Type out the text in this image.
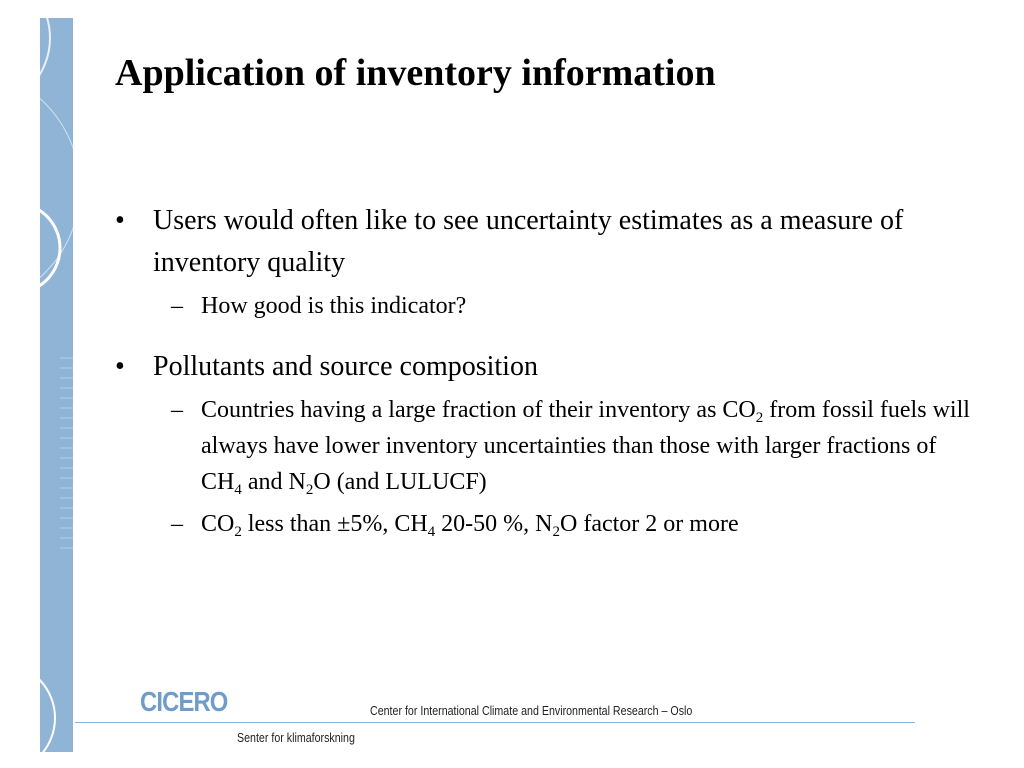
Application of inventory information

• Users would often like to see uncertainty estimates as a measure of inventory quality

– How good is this indicator?

• Pollutants and source composition

– Countries having a large fraction of their inventory as $CO_2$ from fossil fuels will always have lower inventory uncertainties than those with larger fractions of $CH_4$ and $N_2O$ (and LULUCF)

– $CO_2$ less than ±5%, $CH_4$ 20-50 %, $N_2O$ factor 2 or more

CICERO	Center for International Climate and Environmental Research – Oslo
Senter for klimaforskning
